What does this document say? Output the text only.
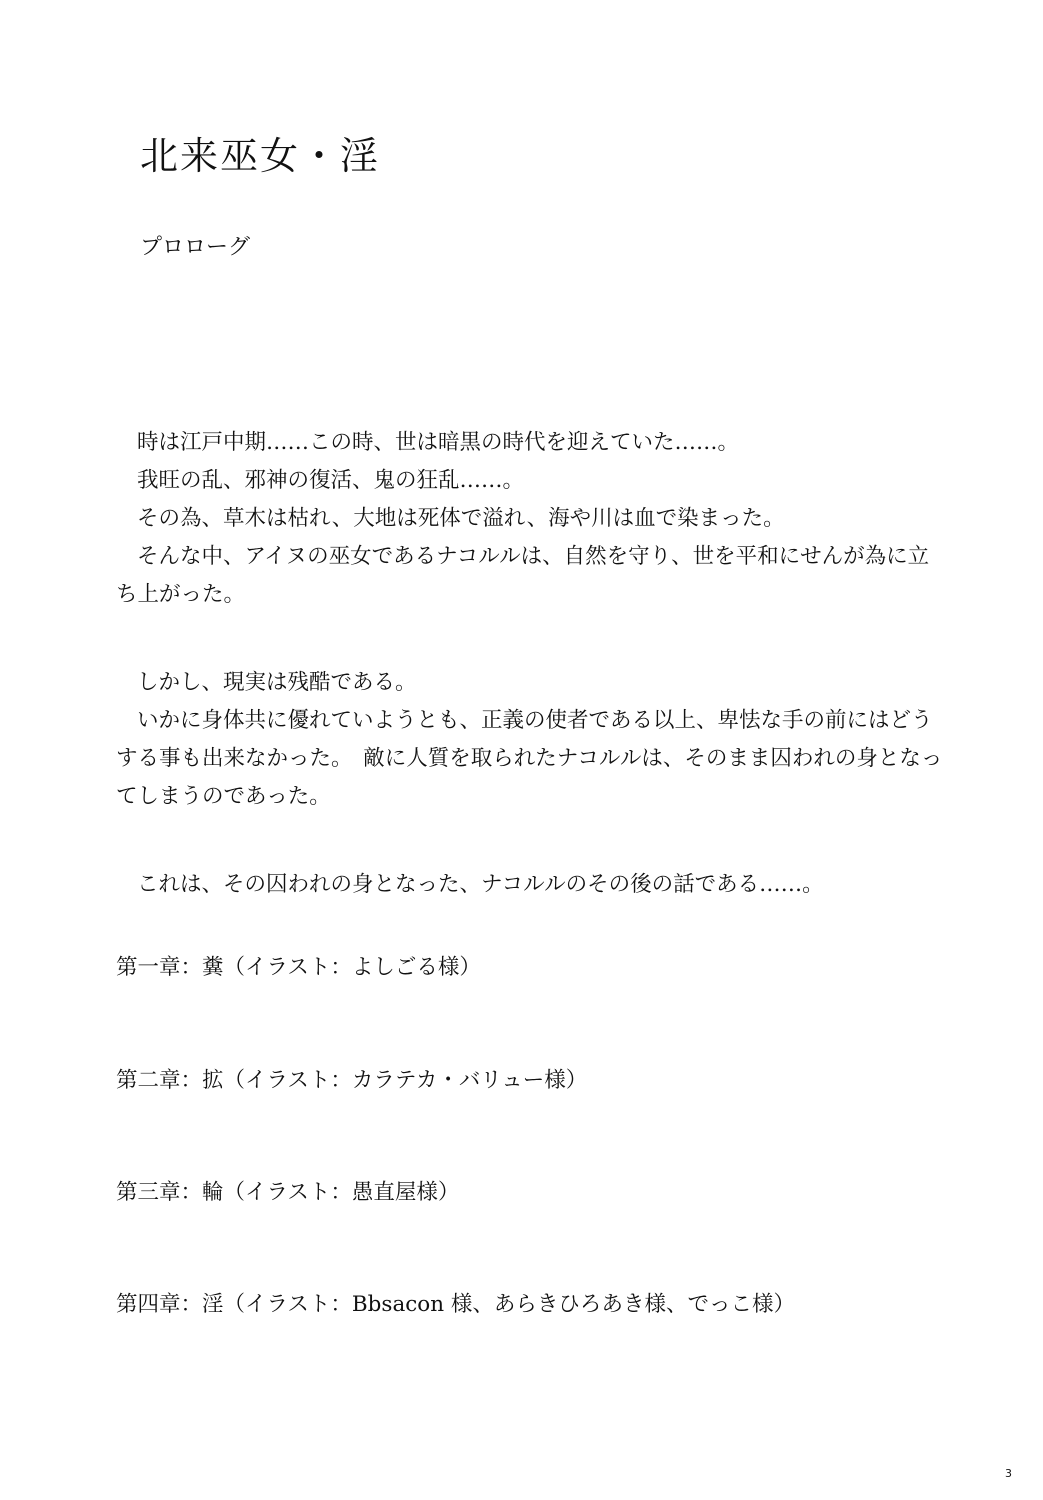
北来巫女・淫
プロローグ

時は江戸中期……この時、世は暗黒の時代を迎えていた……。

我旺の乱、邪神の復活、鬼の狂乱……。

その為、草木は枯れ、大地は死体で溢れ、海や川は血で染まった。

そんな中、アイヌの巫女であるナコルルは、自然を守り、世を平和にせんが為に立ち上がった。

しかし、現実は残酷である。

いかに身体共に優れていようとも、正義の使者である以上、卑怯な手の前にはどうする事も出来なかった。　敵に人質を取られたナコルルは、そのまま囚われの身となってしまうのであった。

これは、その囚われの身となった、ナコルルのその後の話である……。

第一章：糞（イラスト：よしごる様）
第二章：拡（イラスト：カラテカ・バリュー様）
第三章：輪（イラスト：愚直屋様）
第四章：淫（イラスト：Bbsacon 様、あらきひろあき様、でっこ様）
3
